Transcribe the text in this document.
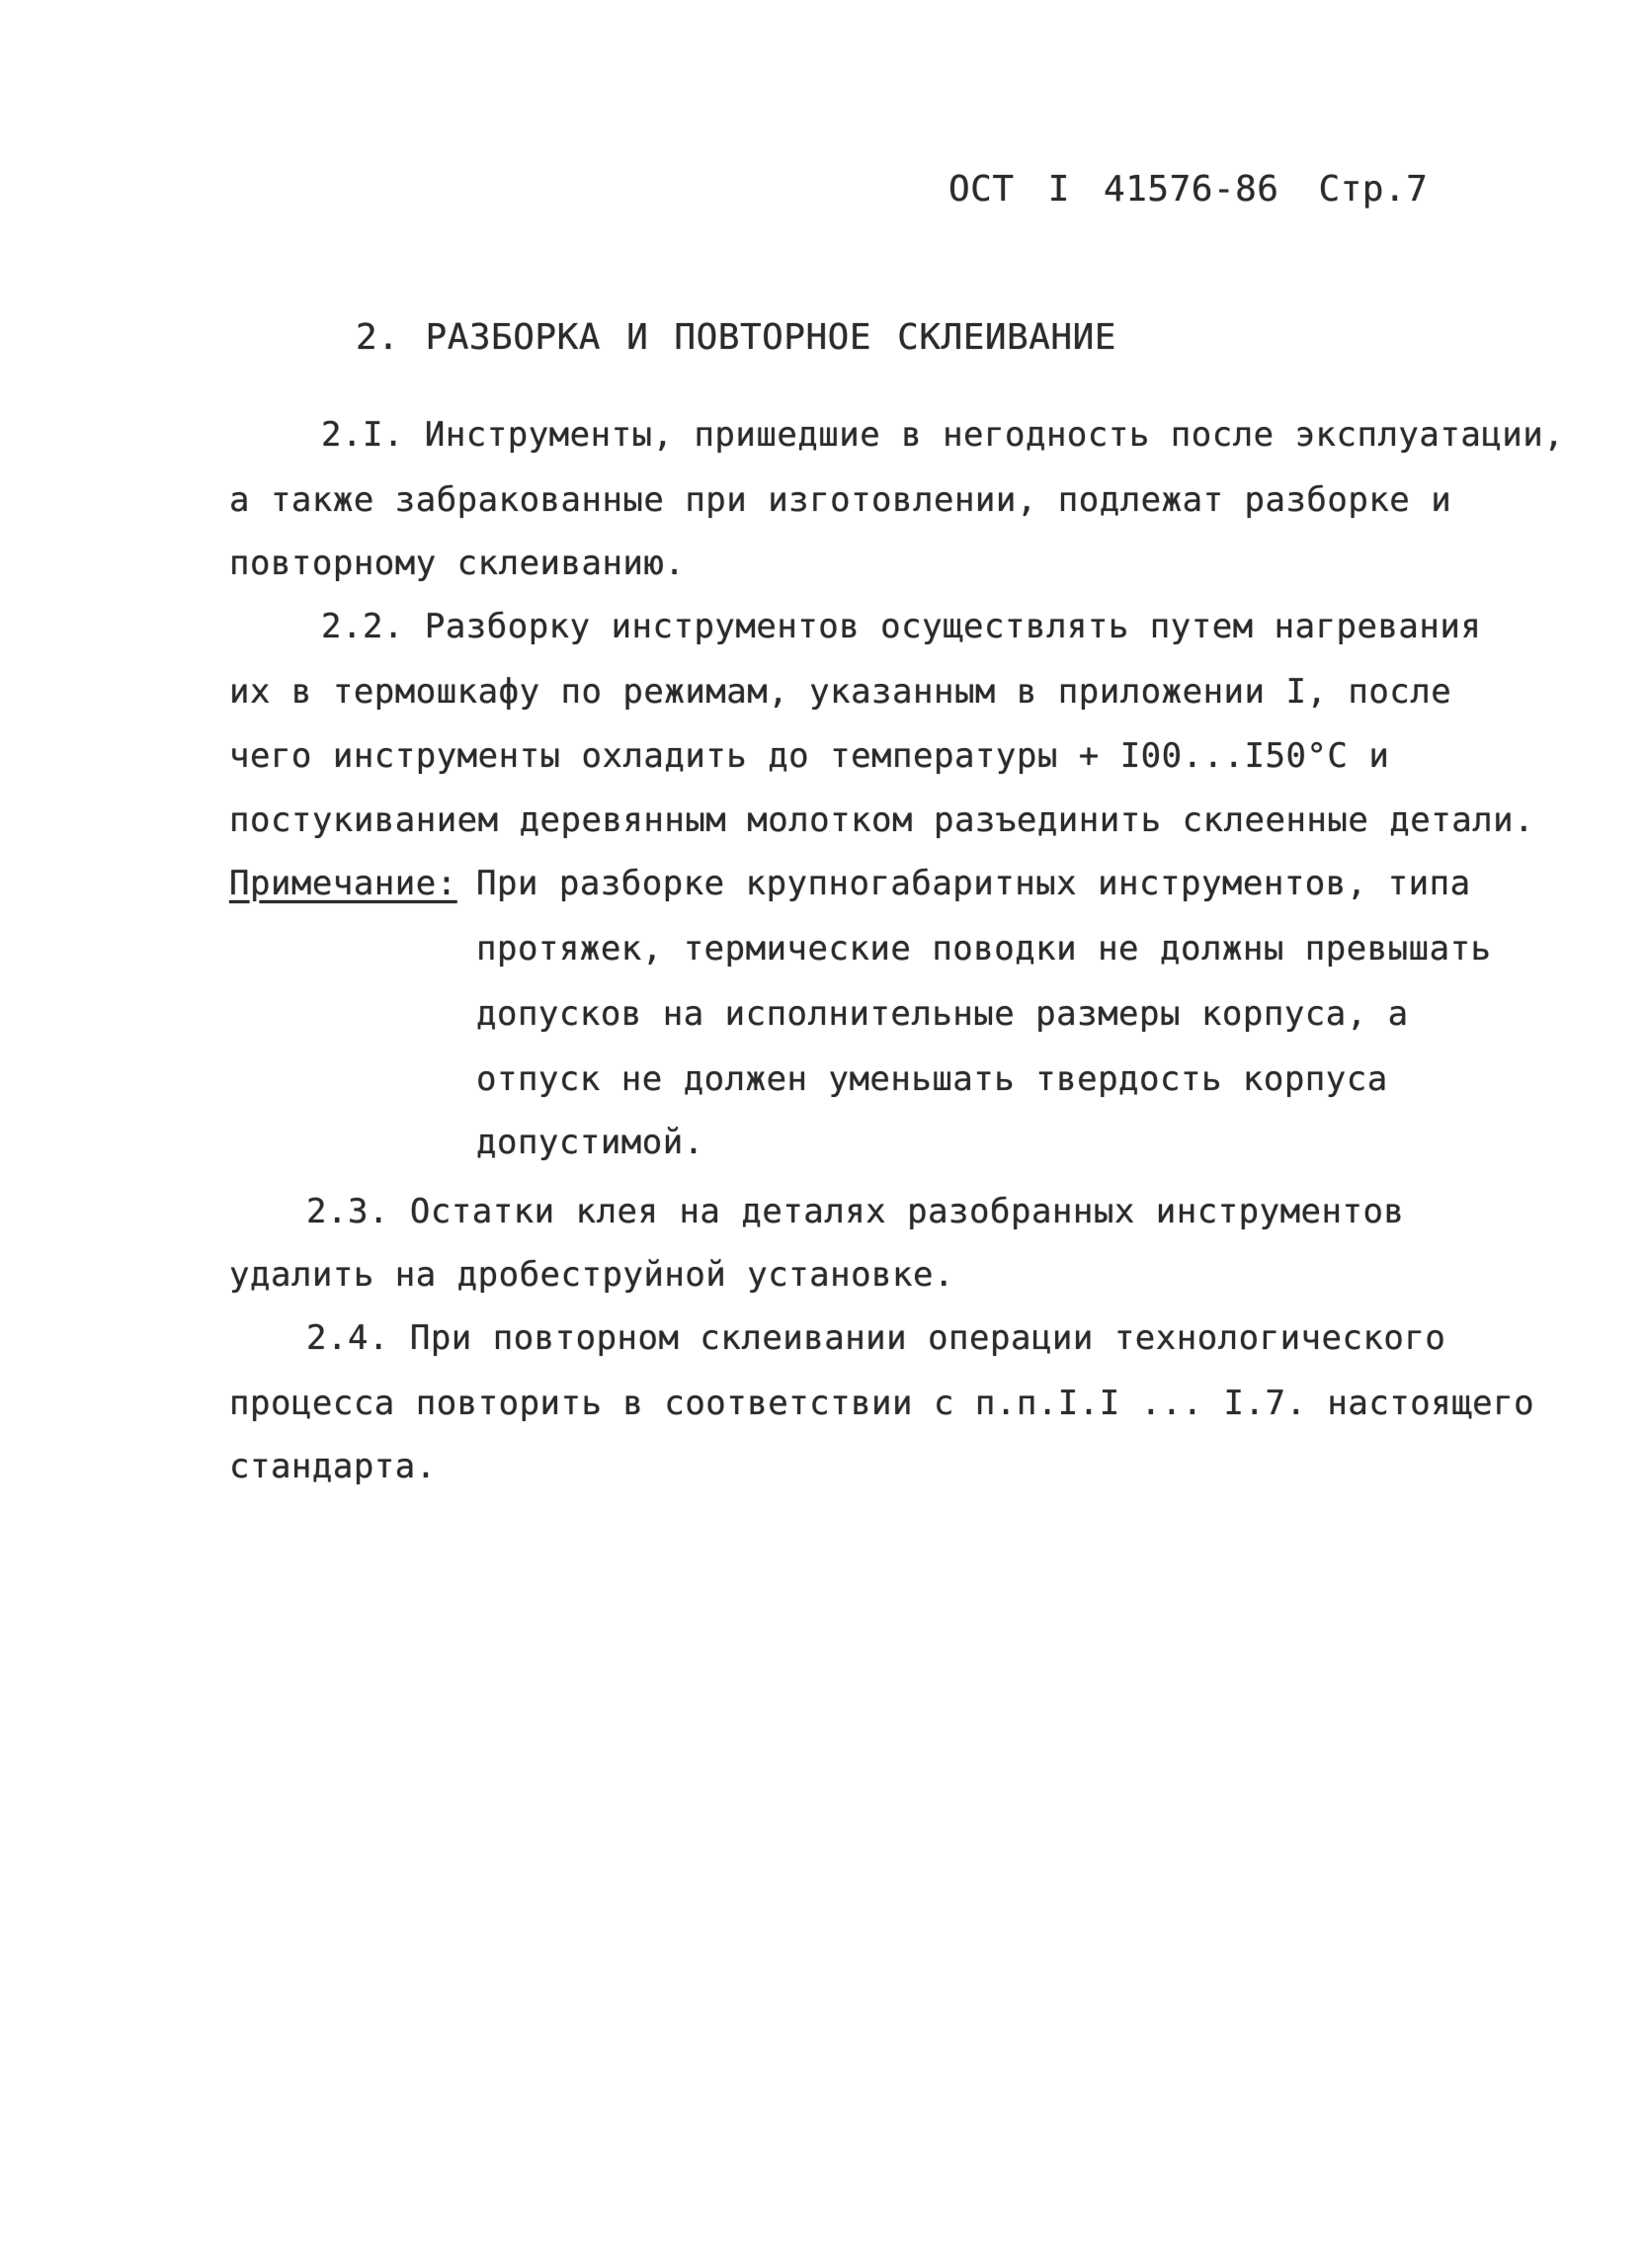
ОСТ I 41576-86 Стр.7
2. РАЗБОРКА И ПОВТОРНОЕ СКЛЕИВАНИЕ
2.I. Инструменты, пришедшие в негодность после эксплуатации,
а также забракованные при изготовлении, подлежат разборке и
повторному склеиванию.
2.2. Разборку инструментов осуществлять путем нагревания
их в термошкафу по режимам, указанным в приложении I, после
чего инструменты охладить до температуры + I00...I50°C и
постукиванием деревянным молотком разъединить склеенные детали.
Примечание: При разборке крупногабаритных инструментов, типа
протяжек, термические поводки не должны превышать
допусков на исполнительные размеры корпуса, а
отпуск не должен уменьшать твердость корпуса
допустимой.
2.3. Остатки клея на деталях разобранных инструментов
удалить на дробеструйной установке.
2.4. При повторном склеивании операции технологического
процесса повторить в соответствии с п.п.I.I ... I.7. настоящего
стандарта.
